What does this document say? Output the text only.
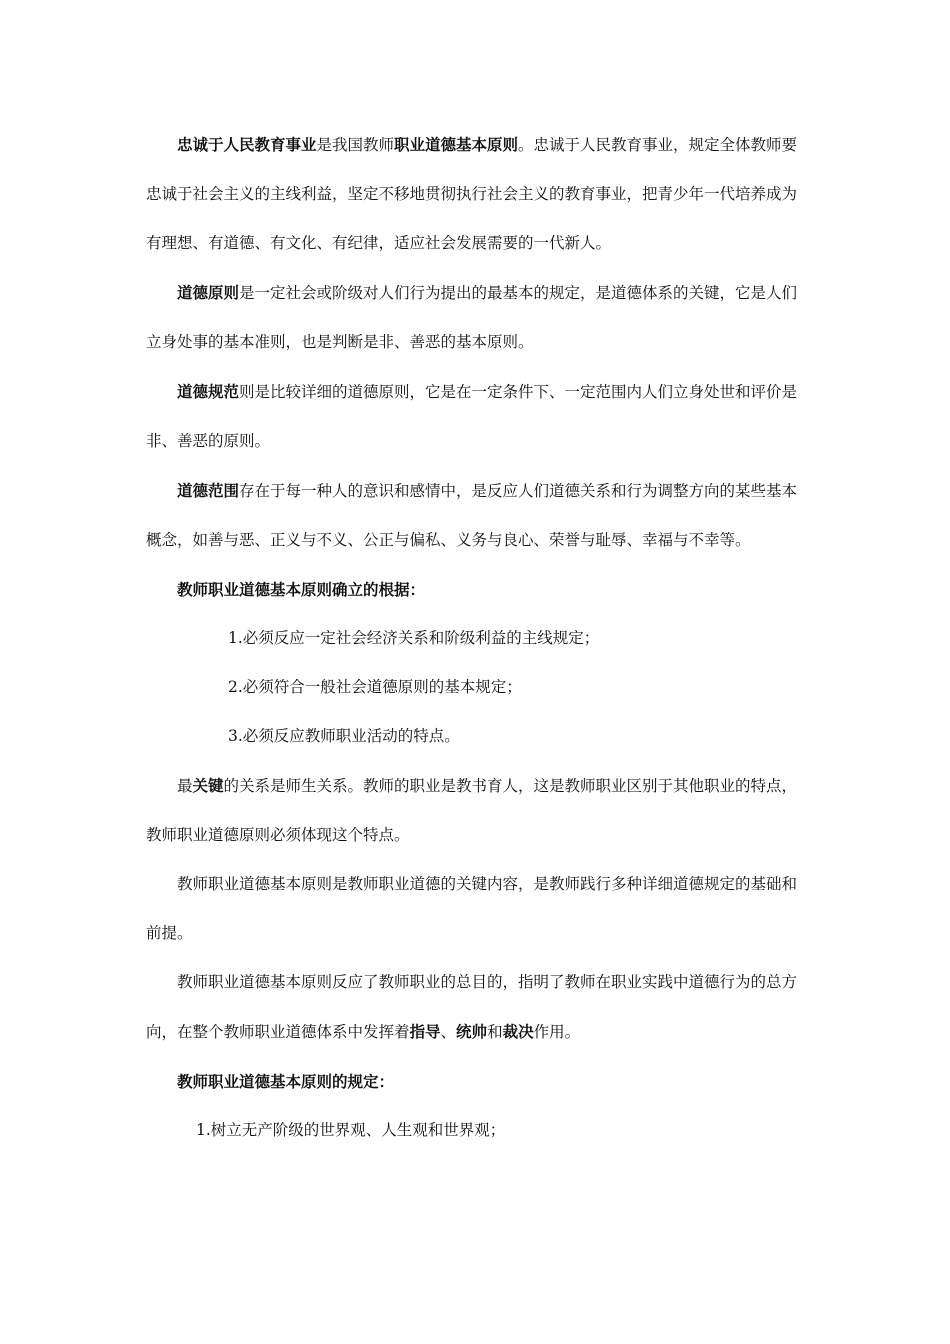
忠诚于人民教育事业是我国教师职业道德基本原则。忠诚于人民教育事业，规定全体教师要忠诚于社会主义的主线利益，坚定不移地贯彻执行社会主义的教育事业，把青少年一代培养成为有理想、有道德、有文化、有纪律，适应社会发展需要的一代新人。

道德原则是一定社会或阶级对人们行为提出的最基本的规定，是道德体系的关键，它是人们立身处事的基本准则，也是判断是非、善恶的基本原则。

道德规范则是比较详细的道德原则，它是在一定条件下、一定范围内人们立身处世和评价是非、善恶的原则。

道德范围存在于每一种人的意识和感情中，是反应人们道德关系和行为调整方向的某些基本概念，如善与恶、正义与不义、公正与偏私、义务与良心、荣誉与耻辱、幸福与不幸等。

教师职业道德基本原则确立的根据：

1.必须反应一定社会经济关系和阶级利益的主线规定；

2.必须符合一般社会道德原则的基本规定；

3.必须反应教师职业活动的特点。

最关键的关系是师生关系。教师的职业是教书育人，这是教师职业区别于其他职业的特点，教师职业道德原则必须体现这个特点。

教师职业道德基本原则是教师职业道德的关键内容，是教师践行多种详细道德规定的基础和前提。

教师职业道德基本原则反应了教师职业的总目的，指明了教师在职业实践中道德行为的总方向，在整个教师职业道德体系中发挥着指导、统帅和裁决作用。

教师职业道德基本原则的规定：

1.树立无产阶级的世界观、人生观和世界观；
